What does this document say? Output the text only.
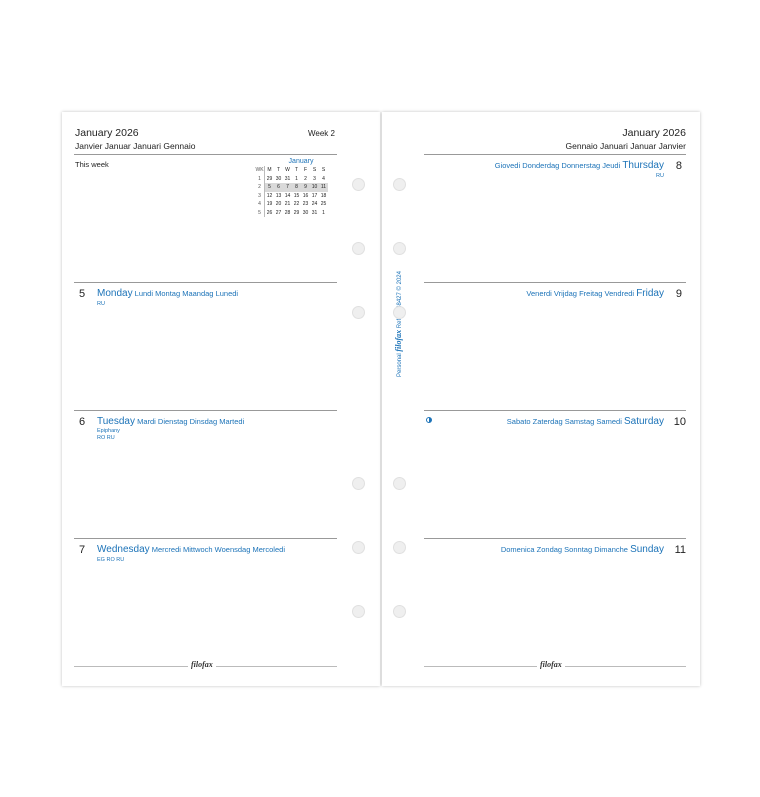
January 2026
Janvier Januar Januari Gennaio
Week 2
This week	January
WK	M	T	W	T	F	S	S
1	29	30	31	1	2	3	4
2	5	6	7	8	9	10	11
3	12	13	14	15	16	17	18
4	19	20	21	22	23	24	25
5	26	27	28	29	30	31	1
5 Monday Lundi Montag Maandag Lunedi
RU
6 Tuesday Mardi Dienstag Dinsdag Martedi
Epiphany
RO RU
7 Wednesday Mercredi Mittwoch Woensdag Mercoledi
EG RO RU
filofax
January 2026
Gennaio Januari Januar Janvier
Giovedi Donderdag Donnerstag Jeudi Thursday 8
RU
Venerdi Vrijdag Freitag Vendredi Friday 9
Sabato Zaterdag Samstag Samedi Saturday 10
Domenica Zondag Sonntag Dimanche Sunday 11
filofax
Personal filofax © 2024
